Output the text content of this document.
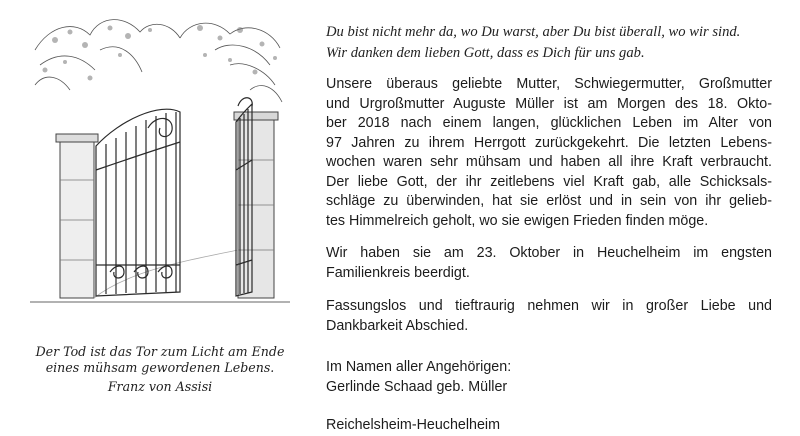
Du bist nicht mehr da, wo Du warst, aber Du bist überall, wo wir sind.
Wir danken dem lieben Gott, dass es Dich für uns gab.

Unsere überaus geliebte Mutter, Schwiegermutter, Großmutter
und Urgroßmutter Auguste Müller ist am Morgen des 18. Okto-
ber 2018 nach einem langen, glücklichen Leben im Alter von
97 Jahren zu ihrem Herrgott zurückgekehrt. Die letzten Lebens-
wochen waren sehr mühsam und haben all ihre Kraft verbraucht.
Der liebe Gott, der ihr zeitlebens viel Kraft gab, alle Schicksals-
schläge zu überwinden, hat sie erlöst und in sein von ihr gelieb-
tes Himmelreich geholt, wo sie ewigen Frieden finden möge.

Wir haben sie am 23. Oktober in Heuchelheim im engsten
Familienkreis beerdigt.

Fassungslos und tieftraurig nehmen wir in großer Liebe und
Dankbarkeit Abschied.

Im Namen aller Angehörigen:
Gerlinde Schaad geb. Müller

Reichelsheim-Heuchelheim

Der Tod ist das Tor zum Licht am Ende
eines mühsam gewordenen Lebens.
Franz von Assisi
